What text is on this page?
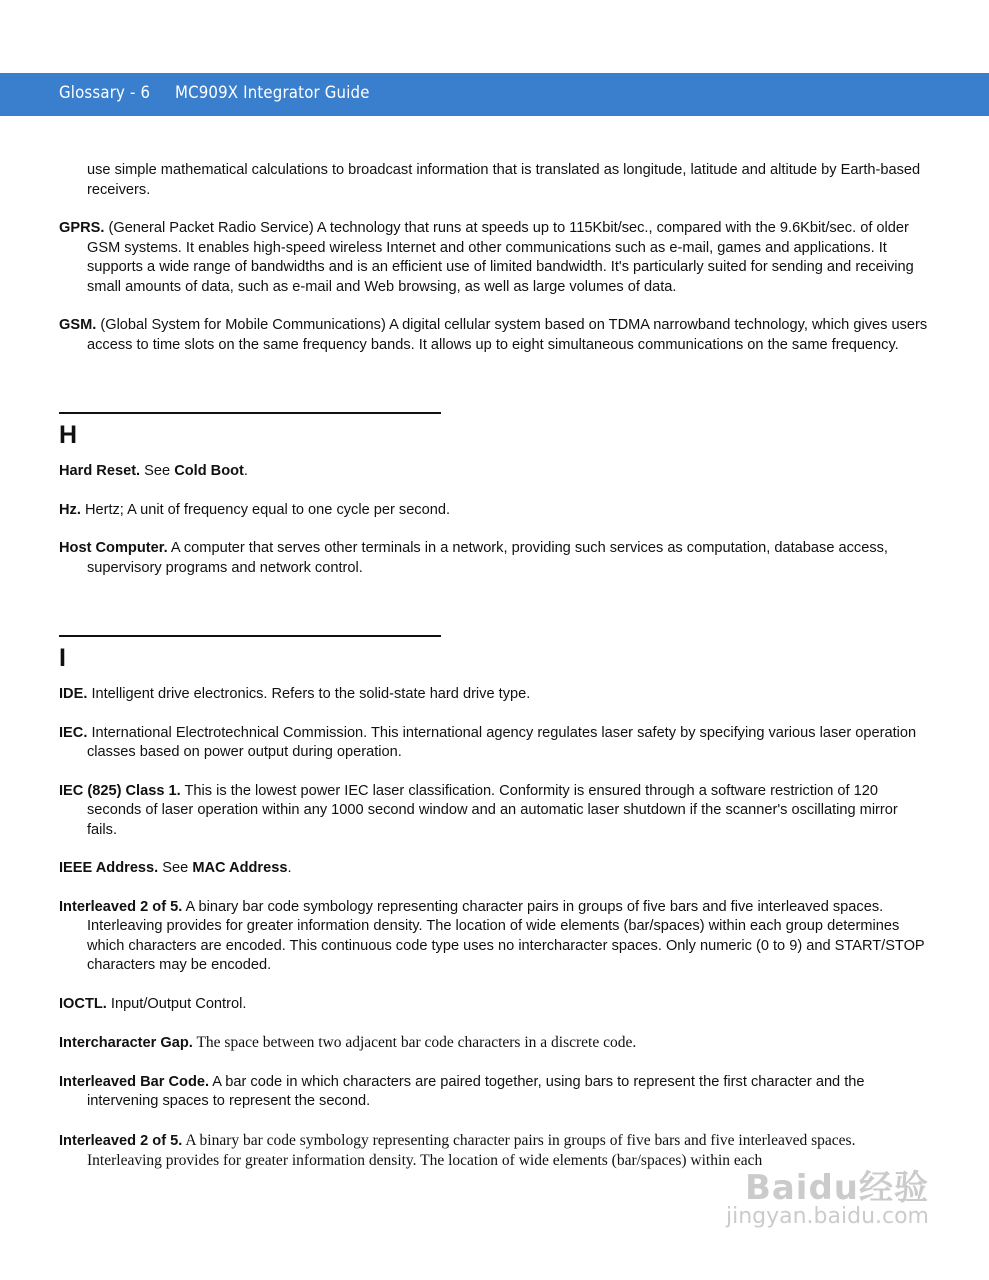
Glossary - 6 MC909X Integrator Guide

use simple mathematical calculations to broadcast information that is translated as longitude, latitude and altitude by Earth-based receivers.

GPRS. (General Packet Radio Service) A technology that runs at speeds up to 115Kbit/sec., compared with the 9.6Kbit/sec. of older GSM systems. It enables high-speed wireless Internet and other communications such as e-mail, games and applications. It supports a wide range of bandwidths and is an efficient use of limited bandwidth. It's particularly suited for sending and receiving small amounts of data, such as e-mail and Web browsing, as well as large volumes of data.

GSM. (Global System for Mobile Communications) A digital cellular system based on TDMA narrowband technology, which gives users access to time slots on the same frequency bands. It allows up to eight simultaneous communications on the same frequency.

H

Hard Reset. See Cold Boot.

Hz. Hertz; A unit of frequency equal to one cycle per second.

Host Computer. A computer that serves other terminals in a network, providing such services as computation, database access, supervisory programs and network control.

I

IDE. Intelligent drive electronics. Refers to the solid-state hard drive type.

IEC. International Electrotechnical Commission. This international agency regulates laser safety by specifying various laser operation classes based on power output during operation.

IEC (825) Class 1. This is the lowest power IEC laser classification. Conformity is ensured through a software restriction of 120 seconds of laser operation within any 1000 second window and an automatic laser shutdown if the scanner's oscillating mirror fails.

IEEE Address. See MAC Address.

Interleaved 2 of 5. A binary bar code symbology representing character pairs in groups of five bars and five interleaved spaces. Interleaving provides for greater information density. The location of wide elements (bar/spaces) within each group determines which characters are encoded. This continuous code type uses no intercharacter spaces. Only numeric (0 to 9) and START/STOP characters may be encoded.

IOCTL. Input/Output Control.

Intercharacter Gap. The space between two adjacent bar code characters in a discrete code.

Interleaved Bar Code. A bar code in which characters are paired together, using bars to represent the first character and the intervening spaces to represent the second.

Interleaved 2 of 5. A binary bar code symbology representing character pairs in groups of five bars and five interleaved spaces. Interleaving provides for greater information density. The location of wide elements (bar/spaces) within each

Baidu经验
jingyan.baidu.com
